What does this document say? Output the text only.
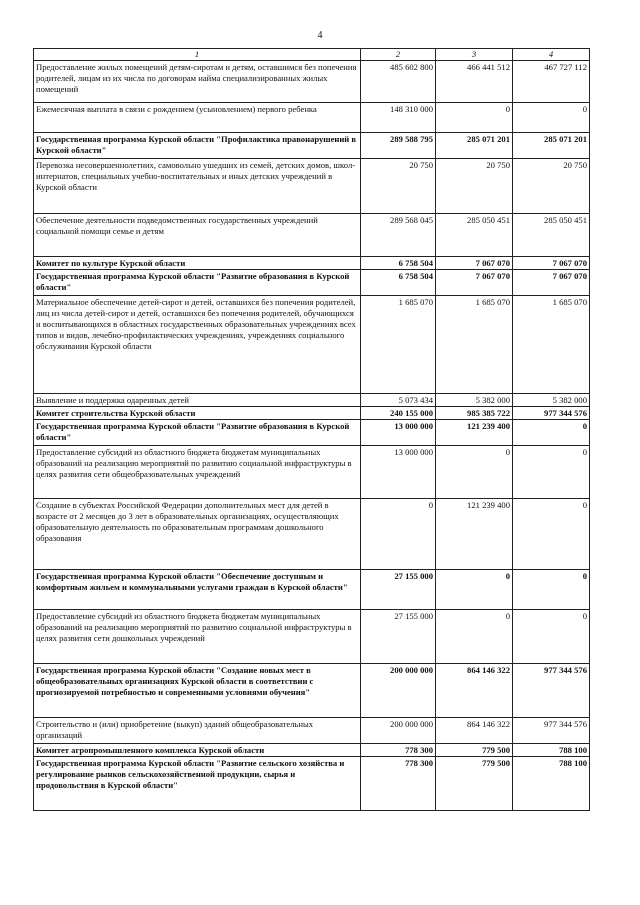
4
1	2	3	4
Предоставление жилых помещений детям-сиротам и детям, оставшимся без попечения родителей, лицам из их числа по договорам найма специализированных жилых помещений	485 602 800	466 441 512	467 727 112
Ежемесячная выплата в связи с рождением (усыновлением) первого ребенка	148 310 000	0	0
Государственная программа Курской области "Профилактика правонарушений в Курской области"	289 588 795	285 071 201	285 071 201
Перевозка несовершеннолетних, самовольно ушедших из семей, детских домов, школ-интернатов, специальных учебно-воспитательных и иных детских учреждений в Курской области	20 750	20 750	20 750
Обеспечение деятельности подведомственных государственных учреждений социальной помощи семье и детям	289 568 045	285 050 451	285 050 451
Комитет по культуре Курской области	6 758 504	7 067 070	7 067 070
Государственная программа Курской области "Развитие образования в Курской области"	6 758 504	7 067 070	7 067 070
Материальное обеспечение детей-сирот и детей, оставшихся без попечения родителей, лиц из числа детей-сирот и детей, оставшихся без попечения родителей, обучающихся и воспитывающихся в областных государственных образовательных учреждениях всех типов и видов, лечебно-профилактических учреждениях, учреждениях социального обслуживания Курской области	1 685 070	1 685 070	1 685 070
Выявление и поддержка одаренных детей	5 073 434	5 382 000	5 382 000
Комитет строительства Курской области	240 155 000	985 385 722	977 344 576
Государственная программа Курской области "Развитие образования в Курской области"	13 000 000	121 239 400	0
Предоставление субсидий из областного бюджета бюджетам муниципальных образований на реализацию мероприятий по развитию социальной инфраструктуры в целях развития сети общеобразовательных учреждений	13 000 000	0	0
Создание в субъектах Российской Федерации дополнительных мест для детей в возрасте от 2 месяцев до 3 лет в образовательных организациях, осуществляющих образовательную деятельность по образовательным программам дошкольного образования	0	121 239 400	0
Государственная программа Курской области "Обеспечение доступным и комфортным жильем и коммунальными услугами граждан в Курской области"	27 155 000	0	0
Предоставление субсидий из областного бюджета бюджетам муниципальных образований на реализацию мероприятий по развитию социальной инфраструктуры в целях развития сети дошкольных учреждений	27 155 000	0	0
Государственная программа Курской области "Создание новых мест в общеобразовательных организациях Курской области в соответствии с прогнозируемой потребностью и современными условиями обучения"	200 000 000	864 146 322	977 344 576
Строительство и (или) приобретение (выкуп) зданий общеобразовательных организаций	200 000 000	864 146 322	977 344 576
Комитет агропромышленного комплекса Курской области	778 300	779 500	788 100
Государственная программа Курской области "Развитие сельского хозяйства и регулирование рынков сельскохозяйственной продукции, сырья и продовольствия в Курской области"	778 300	779 500	788 100
